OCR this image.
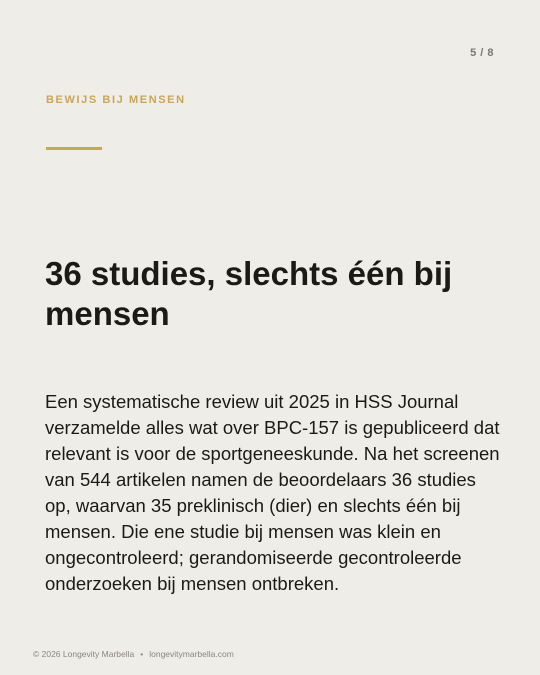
5 / 8
BEWIJS BIJ MENSEN
36 studies, slechts één bij mensen

Een systematische review uit 2025 in HSS Journal verzamelde alles wat over BPC-157 is gepubliceerd dat relevant is voor de sportgeneeskunde. Na het screenen van 544 artikelen namen de beoordelaars 36 studies op, waarvan 35 preklinisch (dier) en slechts één bij mensen. Die ene studie bij mensen was klein en ongecontroleerd; gerandomiseerde gecontroleerde onderzoeken bij mensen ontbreken.

© 2026 Longevity Marbella • longevitymarbella.com
